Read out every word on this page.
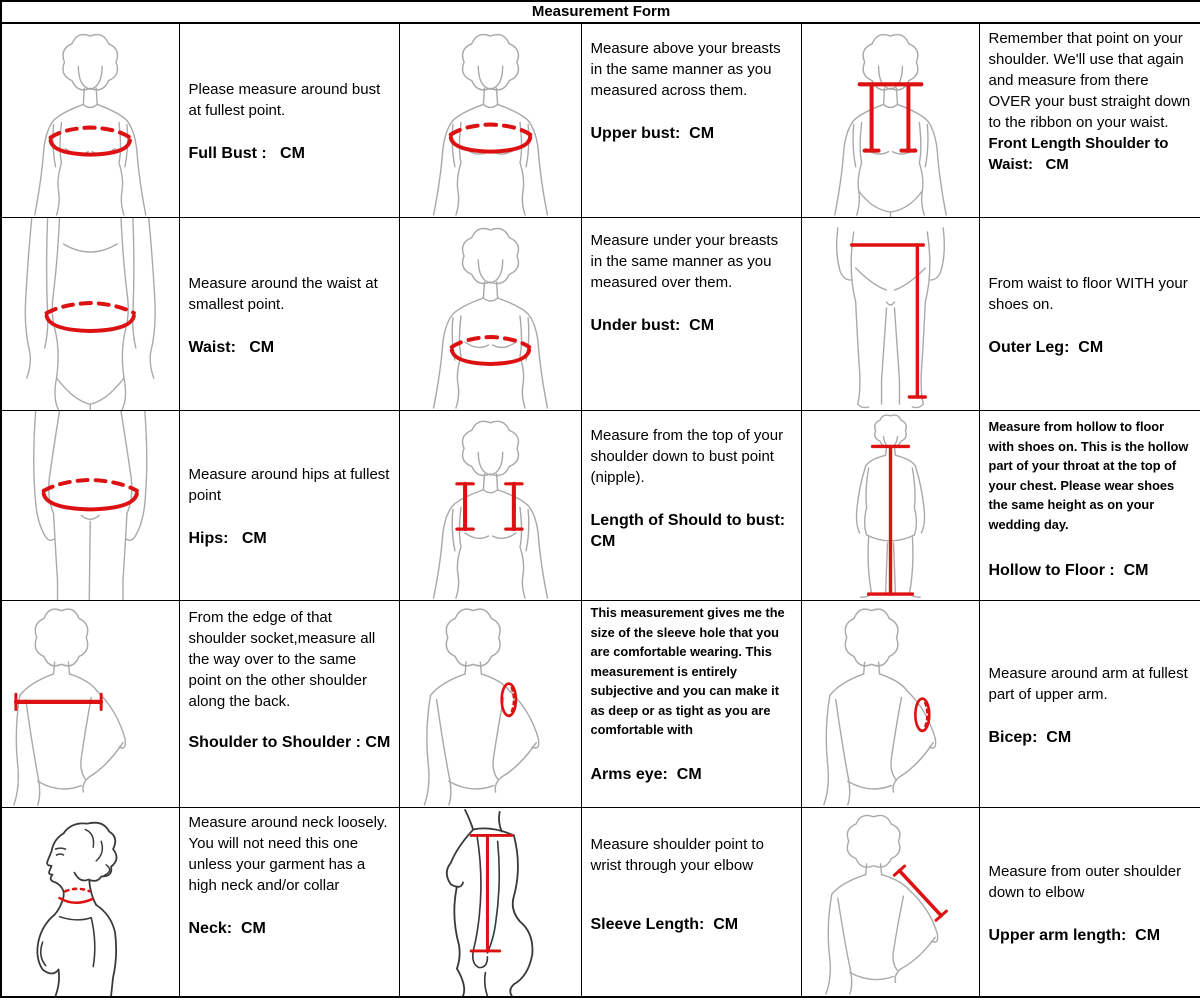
Measurement Form					

Please measure around bust at fullest point.
Full Bust :   CM

Measure above your breasts in the same manner as you measured across them.
Upper bust:  CM

Remember that point on your shoulder. We'll use that again and measure from there OVER your bust straight down to the ribbon on your waist.
Front Length Shoulder to Waist:   CM

Measure around the waist at smallest point.
Waist:   CM

Measure under your breasts in the same manner as you measured over them.
Under bust:  CM

From waist to floor WITH your shoes on.
Outer Leg:  CM

Measure around hips at fullest point
Hips:   CM

Measure from the top of your shoulder down to bust point (nipple).
Length of Should to bust:  CM

Measure from hollow to floor with shoes on. This is the hollow part of your throat at the top of your chest. Please wear shoes the same height as on your wedding day.
Hollow to Floor :  CM

From the edge of that shoulder socket,measure all the way over to the same point on the other shoulder along the back.
Shoulder to Shoulder : CM

This measurement gives me the size of the sleeve hole that you are comfortable wearing. This measurement is entirely subjective and you can make it as deep or as tight as you are comfortable with
Arms eye:  CM

Measure around arm at fullest part of upper arm.
Bicep:  CM

Measure around neck loosely. You will not need this one unless your garment has a high neck and/or collar
Neck:  CM

Measure shoulder point to wrist through your elbow
Sleeve Length:  CM

Measure from outer shoulder down to elbow
Upper arm length:  CM
